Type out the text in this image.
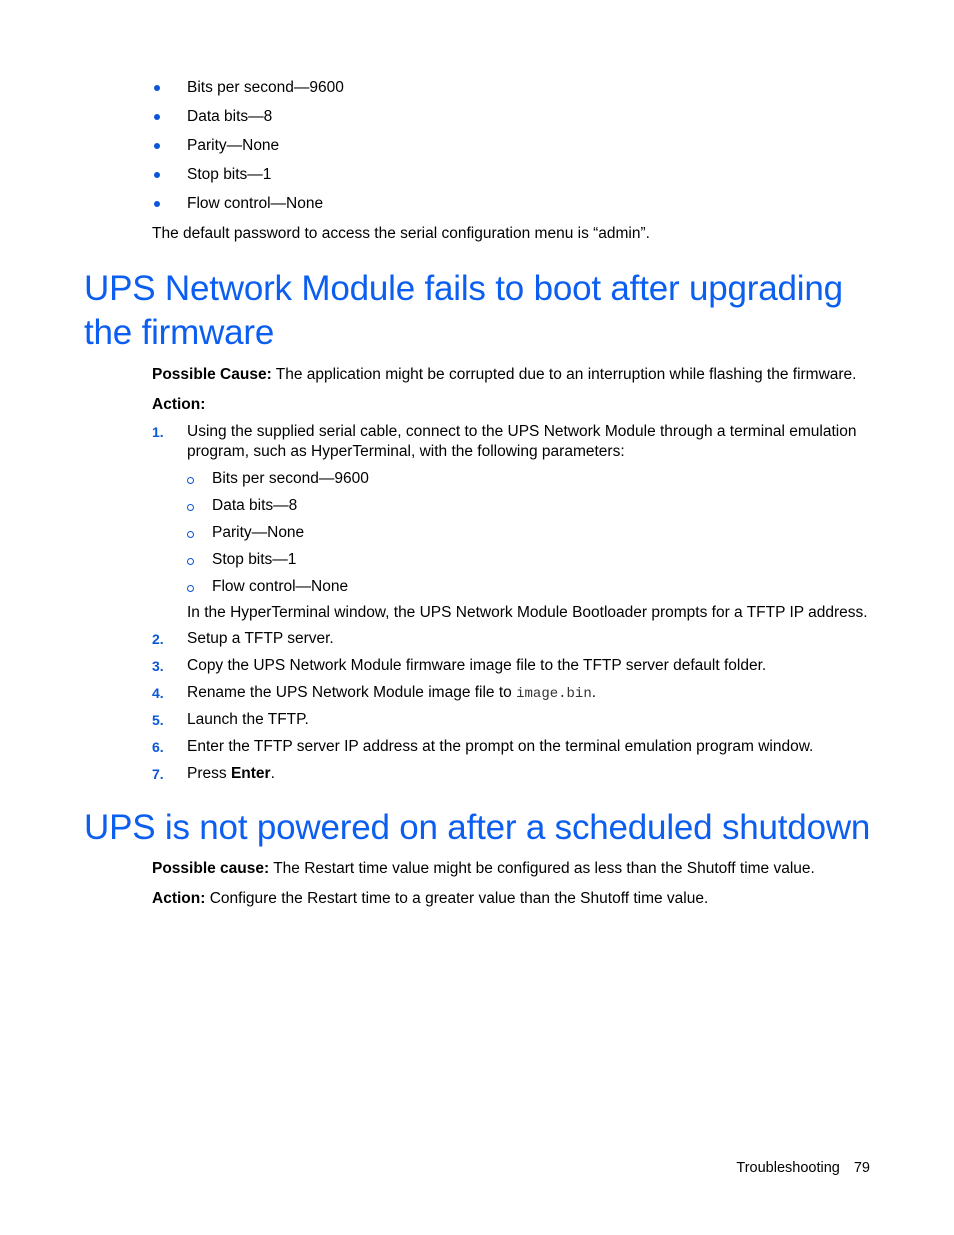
Bits per second—9600
Data bits—8
Parity—None
Stop bits—1
Flow control—None

The default password to access the serial configuration menu is “admin”.

UPS Network Module fails to boot after upgrading the firmware

Possible Cause: The application might be corrupted due to an interruption while flashing the firmware.

Action:

1. Using the supplied serial cable, connect to the UPS Network Module through a terminal emulation program, such as HyperTerminal, with the following parameters:
Bits per second—9600
Data bits—8
Parity—None
Stop bits—1
Flow control—None

In the HyperTerminal window, the UPS Network Module Bootloader prompts for a TFTP IP address.

2. Setup a TFTP server.
3. Copy the UPS Network Module firmware image file to the TFTP server default folder.
4. Rename the UPS Network Module image file to image.bin.
5. Launch the TFTP.
6. Enter the TFTP server IP address at the prompt on the terminal emulation program window.
7. Press Enter.
UPS is not powered on after a scheduled shutdown

Possible cause: The Restart time value might be configured as less than the Shutoff time value.

Action: Configure the Restart time to a greater value than the Shutoff time value.

Troubleshooting 79
